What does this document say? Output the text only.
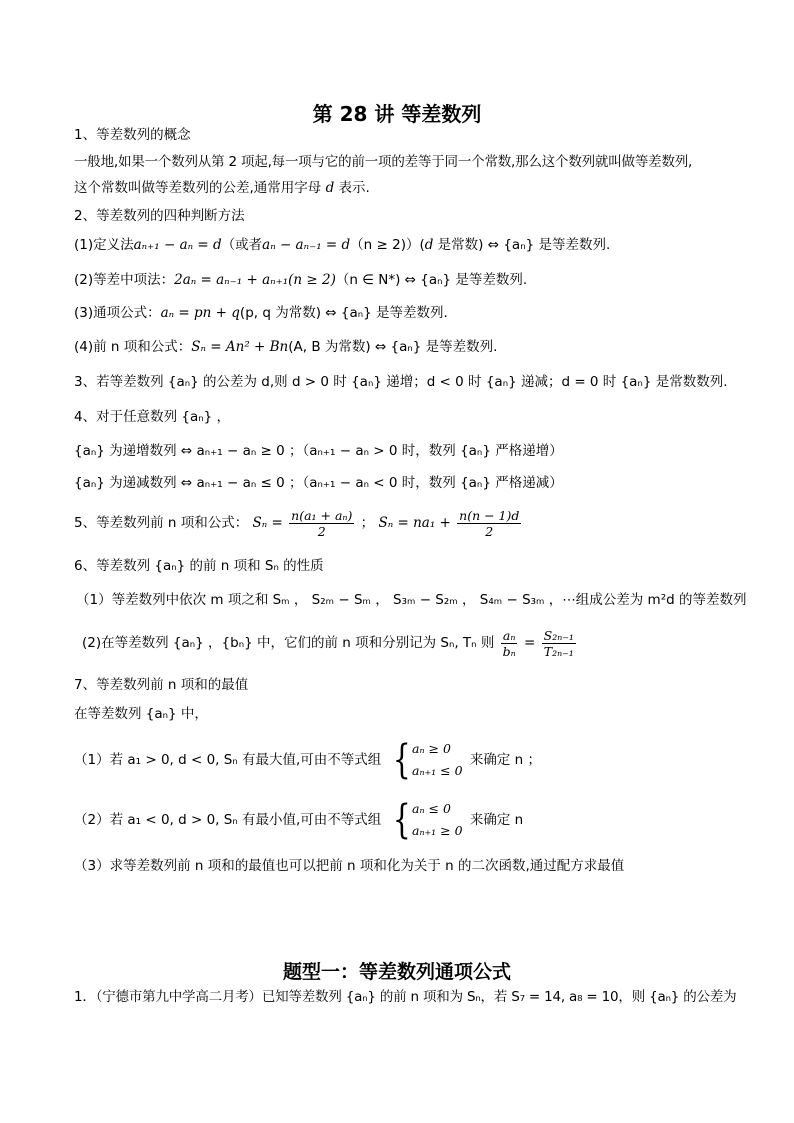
第 28 讲 等差数列
1、等差数列的概念
一般地,如果一个数列从第 2 项起,每一项与它的前一项的差等于同一个常数,那么这个数列就叫做等差数列,
这个常数叫做等差数列的公差,通常用字母 d 表示.
2、等差数列的四种判断方法
(1)定义法aₙ₊₁ − aₙ = d（或者aₙ − aₙ₋₁ = d（n ≥ 2)）(d 是常数) ⇔ {aₙ} 是等差数列.
(2)等差中项法：2aₙ = aₙ₋₁ + aₙ₊₁(n ≥ 2)（n ∈ N*) ⇔ {aₙ} 是等差数列.
(3)通项公式：aₙ = pn + q(p, q 为常数) ⇔ {aₙ} 是等差数列.
(4)前 n 项和公式：Sₙ = An² + Bn(A, B 为常数) ⇔ {aₙ} 是等差数列.
3、若等差数列 {aₙ} 的公差为 d,则 d > 0 时 {aₙ} 递增；d < 0 时 {aₙ} 递减；d = 0 时 {aₙ} 是常数数列.
4、对于任意数列 {aₙ} ，
{aₙ} 为递增数列 ⇔ aₙ₊₁ − aₙ ≥ 0 ；（aₙ₊₁ − aₙ > 0 时，数列 {aₙ} 严格递增）
{aₙ} 为递减数列 ⇔ aₙ₊₁ − aₙ ≤ 0 ；（aₙ₊₁ − aₙ < 0 时，数列 {aₙ} 严格递减）
5、等差数列前 n 项和公式： $S_n = \frac{\text{n(a₁ + aₙ)}}{2}$ ； $S_n = na_1 + \frac{n(n - 1)d}{2}$
6、等差数列 {aₙ} 的前 n 项和 Sₙ 的性质
（1）等差数列中依次 m 项之和 Sₘ ， S₂ₘ − Sₘ ， S₃ₘ − S₂ₘ ， S₄ₘ − S₃ₘ ，⋯组成公差为 m²d 的等差数列
(2)在等差数列 {aₙ} ，{bₙ} 中，它们的前 n 项和分别记为 Sₙ, Tₙ 则 $\frac{\text{aₙ}}{\text{bₙ}} = \frac{\text{S₂ₙ₋₁}}{\text{T₂ₙ₋₁}}$
7、等差数列前 n 项和的最值
在等差数列 {aₙ} 中，
（1）若 a₁ > 0, d < 0, Sₙ 有最大值,可由不等式组 { aₙ ≥ 0
aₙ₊₁ ≤ 0
来确定 n ；
（2）若 a₁ < 0, d > 0, Sₙ 有最小值,可由不等式组 { aₙ ≤ 0
aₙ₊₁ ≥ 0
来确定 n
（3）求等差数列前 n 项和的最值也可以把前 n 项和化为关于 n 的二次函数,通过配方求最值
题型一：等差数列通项公式
1．（宁德市第九中学高二月考）已知等差数列 {aₙ} 的前 n 项和为 Sₙ，若 S₇ = 14, a₈ = 10，则 {aₙ} 的公差为
